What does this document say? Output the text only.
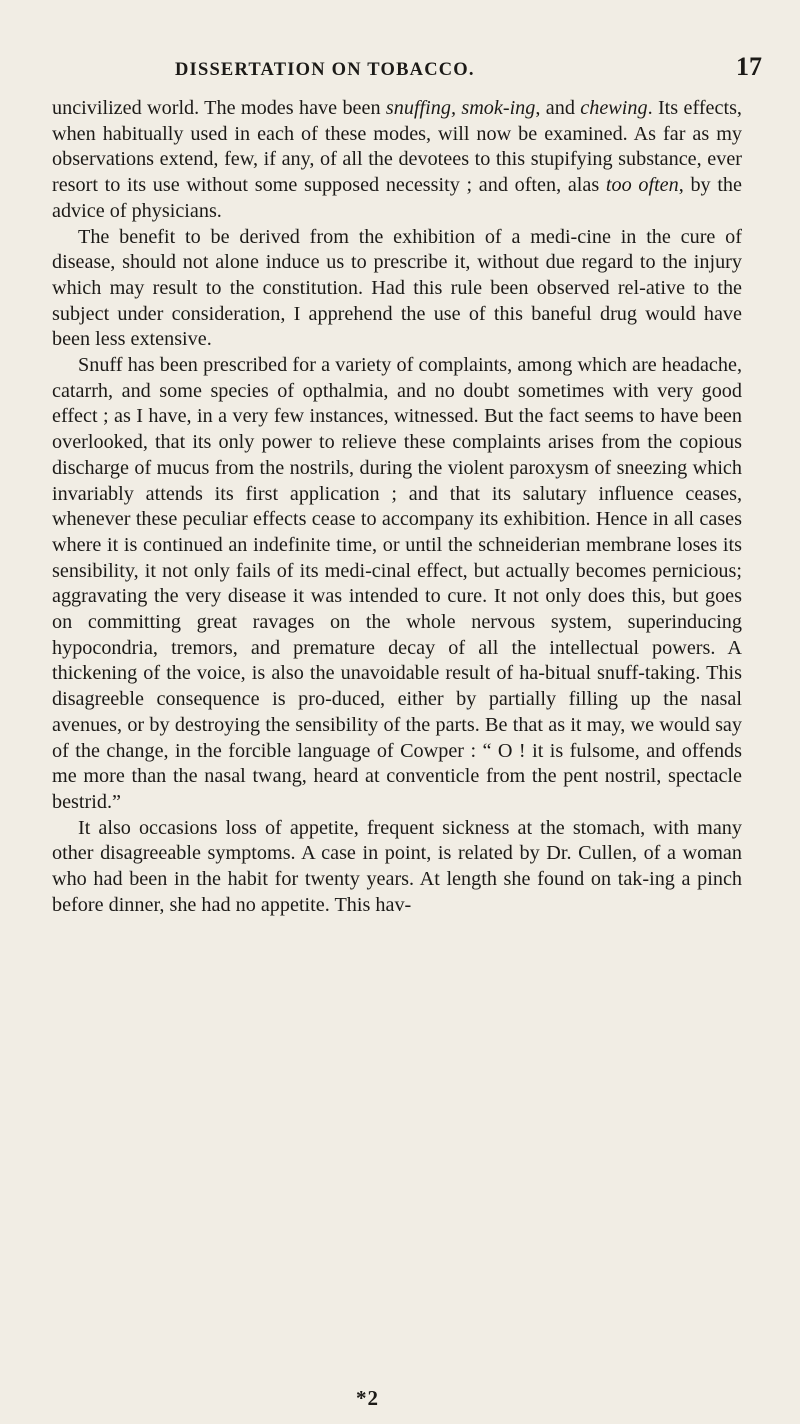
DISSERTATION ON TOBACCO.	17

uncivilized world. The modes have been snuffing, smok-ing, and chewing. Its effects, when habitually used in each of these modes, will now be examined. As far as my observations extend, few, if any, of all the devotees to this stupifying substance, ever resort to its use without some supposed necessity ; and often, alas too often, by the advice of physicians.

The benefit to be derived from the exhibition of a medi-cine in the cure of disease, should not alone induce us to prescribe it, without due regard to the injury which may result to the constitution. Had this rule been observed rel-ative to the subject under consideration, I apprehend the use of this baneful drug would have been less extensive.

Snuff has been prescribed for a variety of complaints, among which are headache, catarrh, and some species of opthalmia, and no doubt sometimes with very good effect ; as I have, in a very few instances, witnessed. But the fact seems to have been overlooked, that its only power to relieve these complaints arises from the copious discharge of mucus from the nostrils, during the violent paroxysm of sneezing which invariably attends its first application ; and that its salutary influence ceases, whenever these peculiar effects cease to accompany its exhibition. Hence in all cases where it is continued an indefinite time, or until the schneiderian membrane loses its sensibility, it not only fails of its medi-cinal effect, but actually becomes pernicious; aggravating the very disease it was intended to cure. It not only does this, but goes on committing great ravages on the whole nervous system, superinducing hypocondria, tremors, and premature decay of all the intellectual powers. A thickening of the voice, is also the unavoidable result of ha-bitual snuff-taking. This disagreeble consequence is pro-duced, either by partially filling up the nasal avenues, or by destroying the sensibility of the parts. Be that as it may, we would say of the change, in the forcible language of Cowper : “ O ! it is fulsome, and offends me more than the nasal twang, heard at conventicle from the pent nostril, spectacle bestrid.”

It also occasions loss of appetite, frequent sickness at the stomach, with many other disagreeable symptoms. A case in point, is related by Dr. Cullen, of a woman who had been in the habit for twenty years. At length she found on tak-ing a pinch before dinner, she had no appetite. This hav-

*2
